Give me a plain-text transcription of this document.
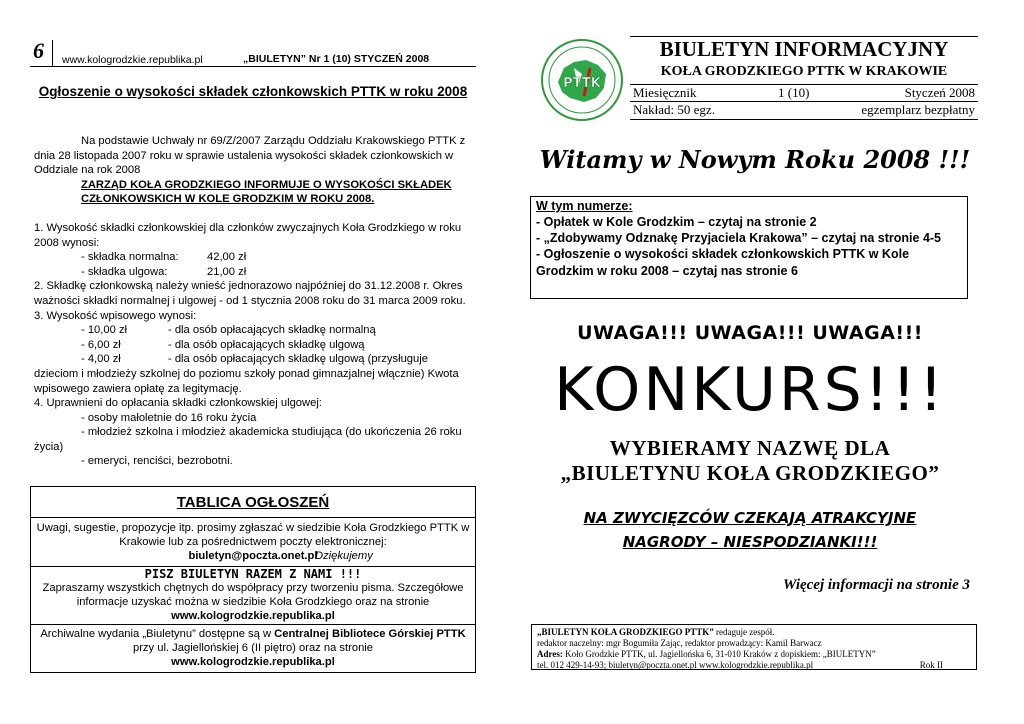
6 www.kologrodzkie.republika.pl	„BIULETYN” Nr 1 (10) STYCZEŃ 2008
Ogłoszenie o wysokości składek członkowskich PTTK w roku 2008
Na podstawie Uchwały nr 69/Z/2007 Zarządu Oddziału Krakowskiego PTTK z dnia 28 listopada 2007 roku w sprawie ustalenia wysokości składek członkowskich w Oddziale na rok 2008
ZARZĄD KOŁA GRODZKIEGO INFORMUJE O WYSOKOŚCI SKŁADEK CZŁONKOWSKICH W KOLE GRODZKIM W ROKU 2008.
1. Wysokość składki członkowskiej dla członków zwyczajnych Koła Grodzkiego w roku 2008 wynosi:
- składka normalna:	42,00 zł
- składka ulgowa:	21,00 zł
2. Składkę członkowską należy wnieść jednorazowo najpóźniej do 31.12.2008 r. Okres ważności składki normalnej i ulgowej - od 1 stycznia 2008 roku do 31 marca 2009 roku.
3. Wysokość wpisowego wynosi:
- 10,00 zł	- dla osób opłacających składkę normalną
- 6,00 zł	- dla osób opłacających składkę ulgową
- 4,00 zł	- dla osób opłacających składkę ulgową (przysługuje
dzieciom i młodzieży szkolnej do poziomu szkoły ponad gimnazjalnej włącznie) Kwota wpisowego zawiera opłatę za legitymację.
4. Uprawnieni do opłacania składki członkowskiej ulgowej:
- osoby małoletnie do 16 roku życia
- młodzież szkolna i młodzież akademicka studiująca (do ukończenia 26 roku życia)
- emeryci, renciści, bezrobotni.
TABLICA OGŁOSZEŃ
Uwagi, sugestie, propozycje itp. prosimy zgłaszać w siedzibie Koła Grodzkiego PTTK w Krakowie lub za pośrednictwem poczty elektronicznej:
biuletyn@poczta.onet.pl
Dziękujemy
PISZ BIULETYN RAZEM Z NAMI !!!
Zapraszamy wszystkich chętnych do współpracy przy tworzeniu pisma. Szczegółowe informacje uzyskać można w siedzibie Koła Grodzkiego oraz na stronie www.kologrodzkie.republika.pl
Archiwalne wydania „Biuletynu” dostępne są w Centralnej Bibliotece Górskiej PTTK przy ul. Jagiellońskiej 6 (II piętro) oraz na stronie
www.kologrodzkie.republika.pl
PTTK
BIULETYN INFORMACYJNY
KOŁA GRODZKIEGO PTTK W KRAKOWIE
Miesięcznik	1 (10)	Styczeń 2008
Nakład: 50 egz.	egzemplarz bezpłatny
Witamy w Nowym Roku 2008 !!!
W tym numerze:
- Opłatek w Kole Grodzkim – czytaj na stronie 2
- „Zdobywamy Odznakę Przyjaciela Krakowa” – czytaj na stronie 4-5
- Ogłoszenie o wysokości składek członkowskich PTTK w Kole Grodzkim w roku 2008 – czytaj nas stronie 6
UWAGA!!! UWAGA!!! UWAGA!!!
KONKURS!!!
WYBIERAMY NAZWĘ DLA
„BIULETYNU KOŁA GRODZKIEGO”
NA ZWYCIĘZCÓW CZEKAJĄ ATRAKCYJNE
NAGRODY – NIESPODZIANKI!!!
Więcej informacji na stronie 3
„BIULETYN KOŁA GRODZKIEGO PTTK” redaguje zespół.
redaktor naczelny: mgr Bogumiła Zając, redaktor prowadzący: Kamil Barwacz
Adres: Koło Grodzkie PTTK, ul. Jagiellońska 6, 31-010 Kraków z dopiskiem: „BIULETYN”
tel. 012 429-14-93; biuletyn@poczta.onet.pl www.kologrodzkie.republika.pl	Rok II
